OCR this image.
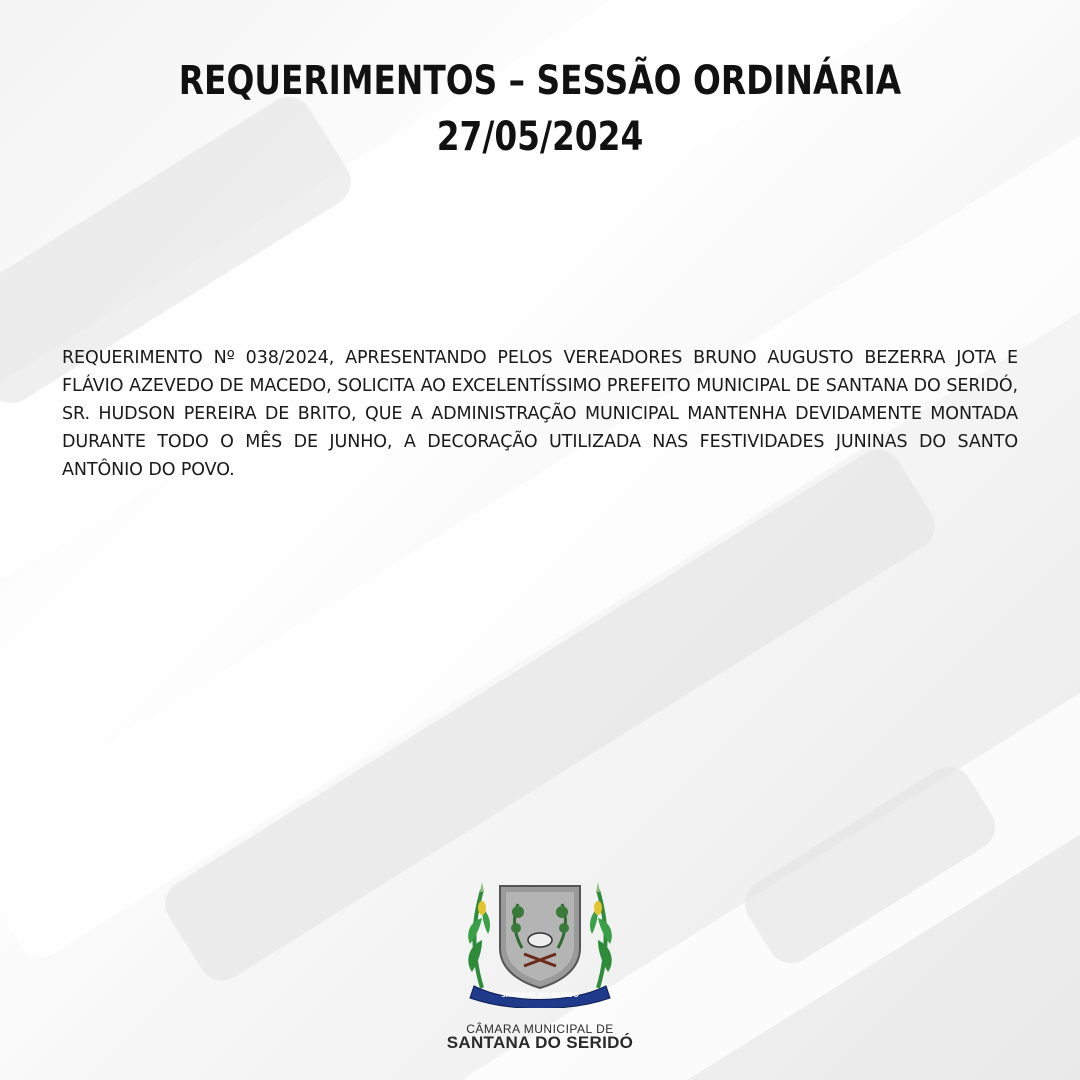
REQUERIMENTOS – SESSÃO ORDINÁRIA
27/05/2024
REQUERIMENTO Nº 038/2024, APRESENTANDO PELOS VEREADORES BRUNO AUGUSTO BEZERRA JOTA E FLÁVIO AZEVEDO DE MACEDO, SOLICITA AO EXCELENTÍSSIMO PREFEITO MUNICIPAL DE SANTANA DO SERIDÓ, SR. HUDSON PEREIRA DE BRITO, QUE A ADMINISTRAÇÃO MUNICIPAL MANTENHA DEVIDAMENTE MONTADA DURANTE TODO O MÊS DE JUNHO, A DECORAÇÃO UTILIZADA NAS FESTIVIDADES JUNINAS DO SANTO ANTÔNIO DO POVO.
SANTANA DO SERIDÓ
CÂMARA MUNICIPAL DE
SANTANA DO SERIDÓ
